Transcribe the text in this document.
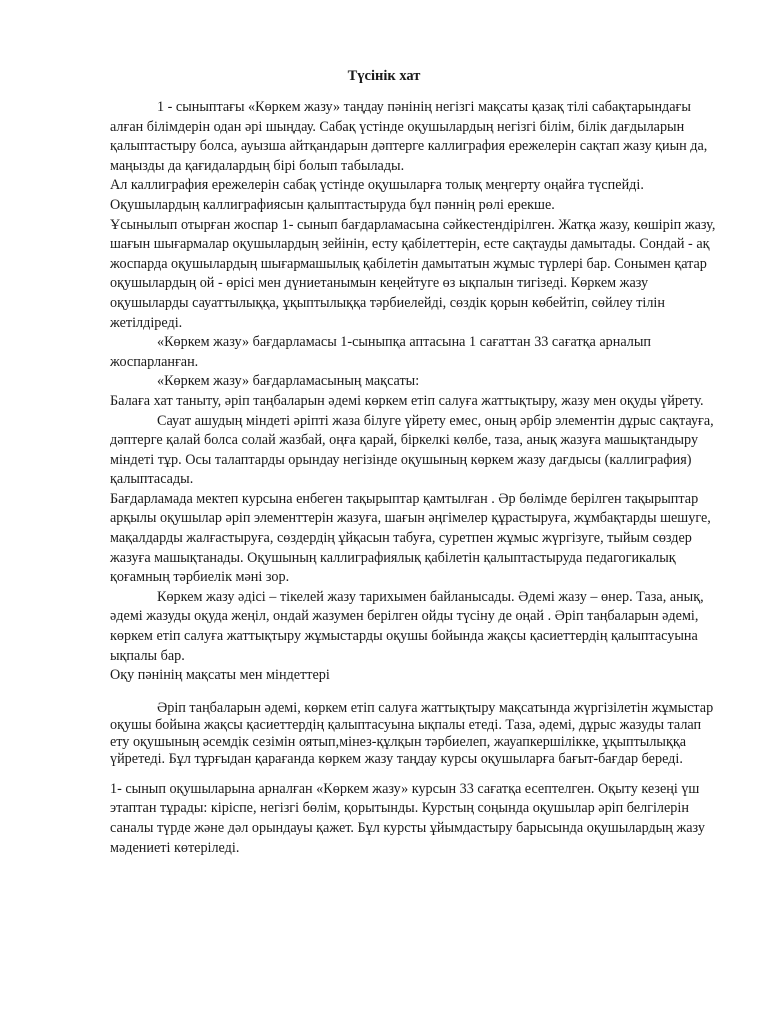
Түсінік хат

1 - сыныптағы «Көркем жазу» таңдау пәнінің негізгі мақсаты қазақ тілі сабақтарындағы алған білімдерін одан әрі шыңдау. Сабақ үстінде оқушылардың негізгі білім, білік дағдыларын қалыптастыру болса, ауызша айтқандарын дәптерге каллиграфия ережелерін сақтап жазу қиын да, маңызды да қағидалардың бірі болып табылады.

Ал каллиграфия ережелерін сабақ үстінде оқушыларға толық меңгерту оңайға түспейді. Оқушылардың каллиграфиясын қалыптастыруда бұл пәннің рөлі ерекше.

Ұсынылып отырған жоспар 1- сынып бағдарламасына сәйкестендірілген. Жатқа жазу, көшіріп жазу, шағын шығармалар оқушылардың зейінін, есту қабілеттерін, есте сақтауды дамытады. Сондай - ақ жоспарда оқушылардың шығармашылық қабілетін дамытатын жұмыс түрлері бар. Сонымен қатар оқушылардың ой - өрісі мен дүниетанымын кеңейтуге өз ықпалын тигізеді. Көркем жазу оқушыларды сауаттылыққа, ұқыптылыққа тәрбиелейді, сөздік қорын көбейтіп, сөйлеу тілін жетілдіреді.

«Көркем жазу» бағдарламасы 1-сыныпқа аптасына 1 сағаттан 33 сағатқа арналып жоспарланған.

«Көркем жазу» бағдарламасының мақсаты:

Балаға хат таныту, әріп таңбаларын әдемі көркем етіп салуға жаттықтыру, жазу мен оқуды үйрету.

Сауат ашудың міндеті әріпті жаза білуге үйрету емес, оның әрбір элементін дұрыс сақтауға, дәптерге қалай болса солай жазбай, оңға қарай, біркелкі көлбе, таза, анық жазуға машықтандыру міндеті тұр. Осы талаптарды орындау негізінде оқушының көркем жазу дағдысы (каллиграфия) қалыптасады.

Бағдарламада мектеп курсына енбеген тақырыптар қамтылған . Әр бөлімде берілген тақырыптар арқылы оқушылар әріп элементтерін жазуға, шағын әңгімелер құрастыруға, жұмбақтарды шешуге, мақалдарды жалғастыруға, сөздердің ұйқасын табуға, суретпен жұмыс жүргізуге, тыйым сөздер жазуға машықтанады. Оқушының каллиграфиялық қабілетін қалыптастыруда педагогикалық қоғамның тәрбиелік мәні зор.

Көркем жазу әдісі – тікелей жазу тарихымен байланысады. Әдемі жазу – өнер. Таза, анық, әдемі жазуды оқуда жеңіл, ондай жазумен берілген ойды түсіну де оңай . Әріп таңбаларын әдемі, көркем етіп салуға жаттықтыру жұмыстарды оқушы бойында жақсы қасиеттердің қалыптасуына ықпалы бар.

Оқу пәнінің мақсаты мен міндеттері

Әріп таңбаларын әдемі, көркем етіп салуға жаттықтыру мақсатында жүргізілетін жұмыстар оқушы бойына жақсы қасиеттердің қалыптасуына ықпалы етеді. Таза, әдемі, дұрыс жазуды талап ету оқушының әсемдік сезімін оятып,мінез-құлқын тәрбиелеп, жауапкершілікке, ұқыптылыққа үйретеді. Бұл тұрғыдан қарағанда көркем жазу таңдау курсы оқушыларға бағыт-бағдар береді.

1- сынып оқушыларына арналған «Көркем жазу» курсын 33 сағатқа есептелген. Оқыту кезеңі үш этаптан тұрады: кіріспе, негізгі бөлім, қорытынды. Курстың соңында оқушылар әріп белгілерін саналы түрде және дәл орындауы қажет. Бұл курсты ұйымдастыру барысында оқушылардың жазу мәдениеті көтеріледі.
